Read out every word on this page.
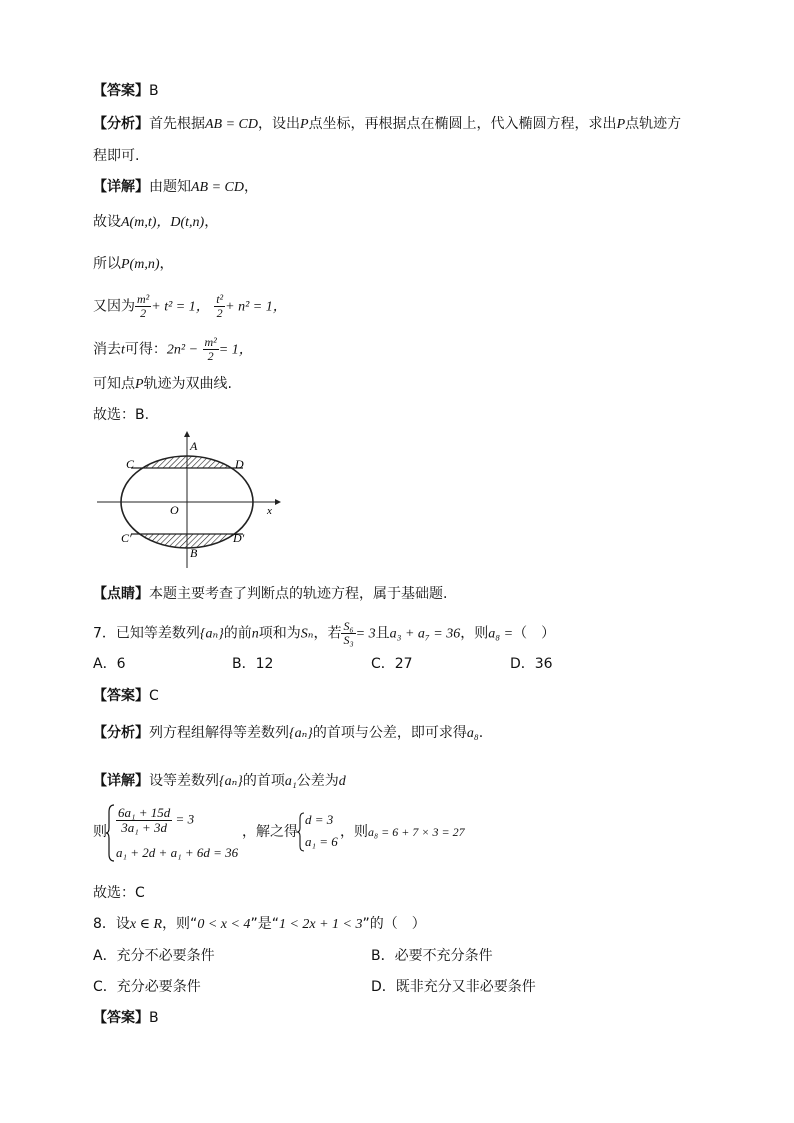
【答案】B
【分析】首先根据AB = CD，设出P点坐标，再根据点在椭圆上，代入椭圆方程，求出P点轨迹方
程即可.
【详解】由题知AB = CD，
故设A(m,t)，D(t,n)，
所以P(m,n)，
又因为 $\frac{\text{m²}}{2} + t^2 = 1$， $\frac{\text{t²}}{2} + n^2 = 1$，
消去t可得：$2n^2 - \frac{\text{m²}}{2} = 1$，
可知点P轨迹为双曲线.
故选：B.
A
B
C	D
C′	D′
O	x
【点睛】本题主要考查了判断点的轨迹方程，属于基础题.
7．已知等差数列{aₙ}的前n项和为Sₙ，若 $\frac{\text{S₆}}{\text{S₃}} = 3$且a₃ + a₇ = 36，则a₈ =（　）
A．6	B．12	C．27	D．36
【答案】C
【分析】列方程组解得等差数列{aₙ}的首项与公差，即可求得a₈.
【详解】设等差数列{aₙ}的首项a₁公差为d
则 $\frac{\text{6a₁ + 15d}}{\text{3a₁ + 3d}} = 3$
a₁ + 2d + a₁ + 6d = 36
，解之得
d = 3
a₁ = 6
，则a₈ = 6 + 7 × 3 = 27
故选：C
8．设x ∈ R，则“0 < x < 4”是“1 < 2x + 1 < 3”的（　）
A．充分不必要条件	B．必要不充分条件
C．充分必要条件	D．既非充分又非必要条件
【答案】B
